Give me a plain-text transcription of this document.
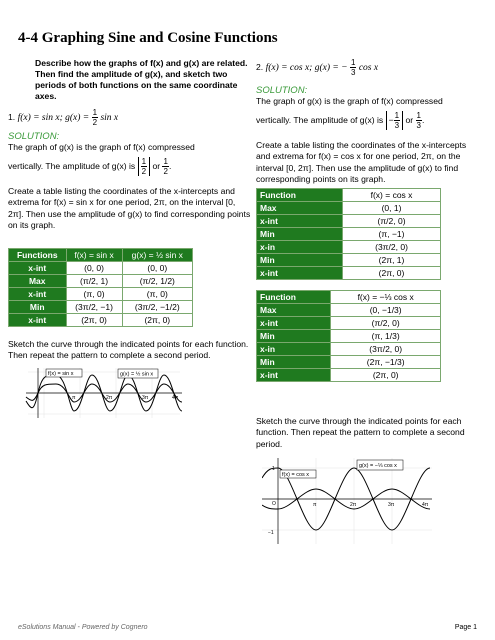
4-4 Graphing Sine and Cosine Functions
Describe how the graphs of f(x) and g(x) are related. Then find the amplitude of g(x), and sketch two periods of both functions on the same coordinate axes.
1. f(x) = sin x; $g(x) = \frac{1}{2}$ sin x
SOLUTION:
The graph of g(x) is the graph of f(x) compressed
vertically. The amplitude of g(x) is $\frac{1}{2}$ or $\frac{1}{2}$ .
Create a table listing the coordinates of the x-intercepts and extrema for f(x) = sin x for one period, 2π, on the interval [0, 2π]. Then use the amplitude of g(x) to find corresponding points on its graph.
Functions	f(x) = sin x	g(x) = ½ sin x
x-int	(0, 0)	(0, 0)
Max	(π/2, 1)	(π/2, 1/2)
x-int	(π, 0)	(π, 0)
Min	(3π/2, −1)	(3π/2, −1/2)
x-int	(2π, 0)	(2π, 0)
Sketch the curve through the indicated points for each function. Then repeat the pattern to complete a second period.
f(x) = sin x	g(x) = ½ sin x
π	2π	3π	4π
2. f(x) = cos x; g(x) = − $\frac{1}{3}$ cos x
SOLUTION:
The graph of g(x) is the graph of f(x) compressed
vertically. The amplitude of g(x) is − $\frac{1}{3}$ or $\frac{1}{3}$ .
Create a table listing the coordinates of the x-intercepts and extrema for f(x) = cos x for one period, 2π, on the interval [0, 2π]. Then use the amplitude of g(x) to find corresponding points on its graph.
Function	f(x) = cos x
Max	(0, 1)
x-int	(π/2, 0)
Min	(π, −1)
x-in	(3π/2, 0)
Min	(2π, 1)
x-int	(2π, 0)
Function	f(x) = −⅓ cos x
Max	(0, −1/3)
x-int	(π/2, 0)
Min	(π, 1/3)
x-in	(3π/2, 0)
Min	(2π, −1/3)
x-int	(2π, 0)
Sketch the curve through the indicated points for each function. Then repeat the pattern to complete a second period.
f(x) = cos x
g(x) = −⅓ cos x
1
O
−1
π	2π	3π	4π
eSolutions Manual - Powered by Cognero	Page 1
